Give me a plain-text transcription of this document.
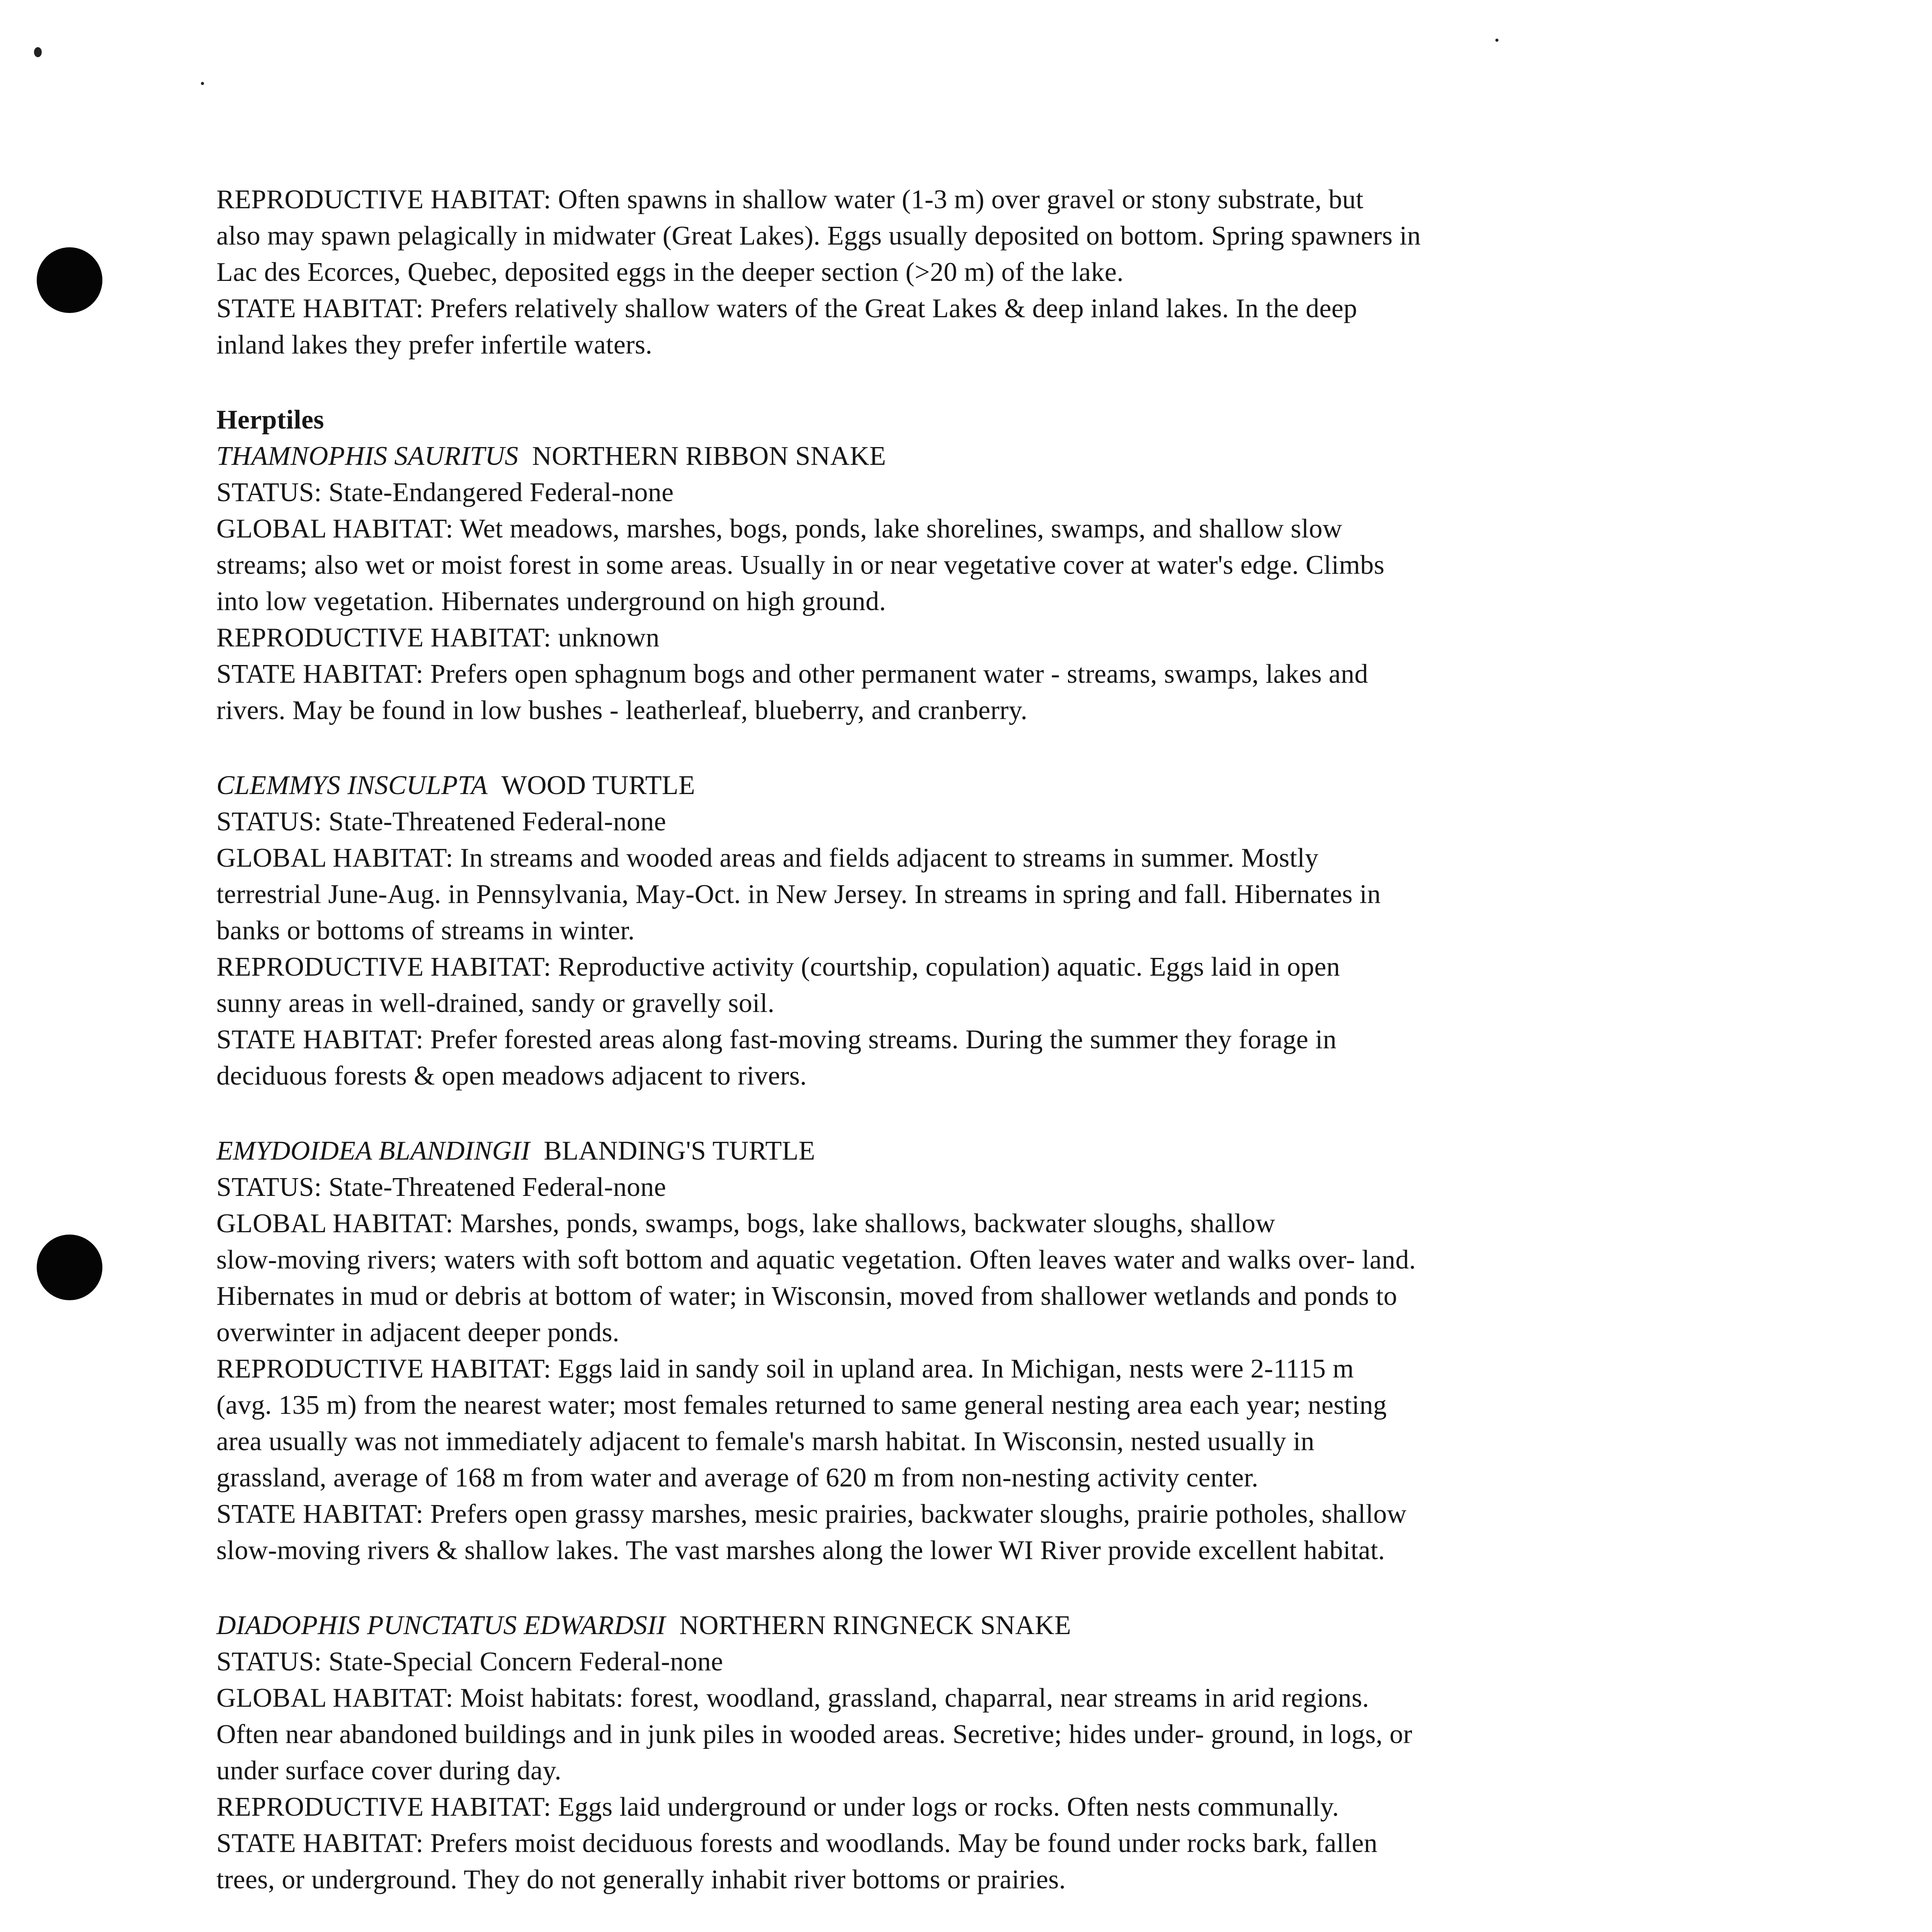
REPRODUCTIVE HABITAT: Often spawns in shallow water (1-3 m) over gravel or stony substrate, but
also may spawn pelagically in midwater (Great Lakes). Eggs usually deposited on bottom. Spring spawners in
Lac des Ecorces, Quebec, deposited eggs in the deeper section (>20 m) of the lake.
STATE HABITAT: Prefers relatively shallow waters of the Great Lakes & deep inland lakes. In the deep
inland lakes they prefer infertile waters.
Herptiles
THAMNOPHIS SAURITUS NORTHERN RIBBON SNAKE
STATUS: State-Endangered Federal-none
GLOBAL HABITAT: Wet meadows, marshes, bogs, ponds, lake shorelines, swamps, and shallow slow
streams; also wet or moist forest in some areas. Usually in or near vegetative cover at water's edge. Climbs
into low vegetation. Hibernates underground on high ground.
REPRODUCTIVE HABITAT: unknown
STATE HABITAT: Prefers open sphagnum bogs and other permanent water - streams, swamps, lakes and
rivers. May be found in low bushes - leatherleaf, blueberry, and cranberry.
CLEMMYS INSCULPTA WOOD TURTLE
STATUS: State-Threatened Federal-none
GLOBAL HABITAT: In streams and wooded areas and fields adjacent to streams in summer. Mostly
terrestrial June-Aug. in Pennsylvania, May-Oct. in New Jersey. In streams in spring and fall. Hibernates in
banks or bottoms of streams in winter.
REPRODUCTIVE HABITAT: Reproductive activity (courtship, copulation) aquatic. Eggs laid in open
sunny areas in well-drained, sandy or gravelly soil.
STATE HABITAT: Prefer forested areas along fast-moving streams. During the summer they forage in
deciduous forests & open meadows adjacent to rivers.
EMYDOIDEA BLANDINGII BLANDING'S TURTLE
STATUS: State-Threatened Federal-none
GLOBAL HABITAT: Marshes, ponds, swamps, bogs, lake shallows, backwater sloughs, shallow
slow-moving rivers; waters with soft bottom and aquatic vegetation. Often leaves water and walks over- land.
Hibernates in mud or debris at bottom of water; in Wisconsin, moved from shallower wetlands and ponds to
overwinter in adjacent deeper ponds.
REPRODUCTIVE HABITAT: Eggs laid in sandy soil in upland area. In Michigan, nests were 2-1115 m
(avg. 135 m) from the nearest water; most females returned to same general nesting area each year; nesting
area usually was not immediately adjacent to female's marsh habitat. In Wisconsin, nested usually in
grassland, average of 168 m from water and average of 620 m from non-nesting activity center.
STATE HABITAT: Prefers open grassy marshes, mesic prairies, backwater sloughs, prairie potholes, shallow
slow-moving rivers & shallow lakes. The vast marshes along the lower WI River provide excellent habitat.
DIADOPHIS PUNCTATUS EDWARDSII NORTHERN RINGNECK SNAKE
STATUS: State-Special Concern Federal-none
GLOBAL HABITAT: Moist habitats: forest, woodland, grassland, chaparral, near streams in arid regions.
Often near abandoned buildings and in junk piles in wooded areas. Secretive; hides under- ground, in logs, or
under surface cover during day.
REPRODUCTIVE HABITAT: Eggs laid underground or under logs or rocks. Often nests communally.
STATE HABITAT: Prefers moist deciduous forests and woodlands. May be found under rocks bark, fallen
trees, or underground. They do not generally inhabit river bottoms or prairies.
